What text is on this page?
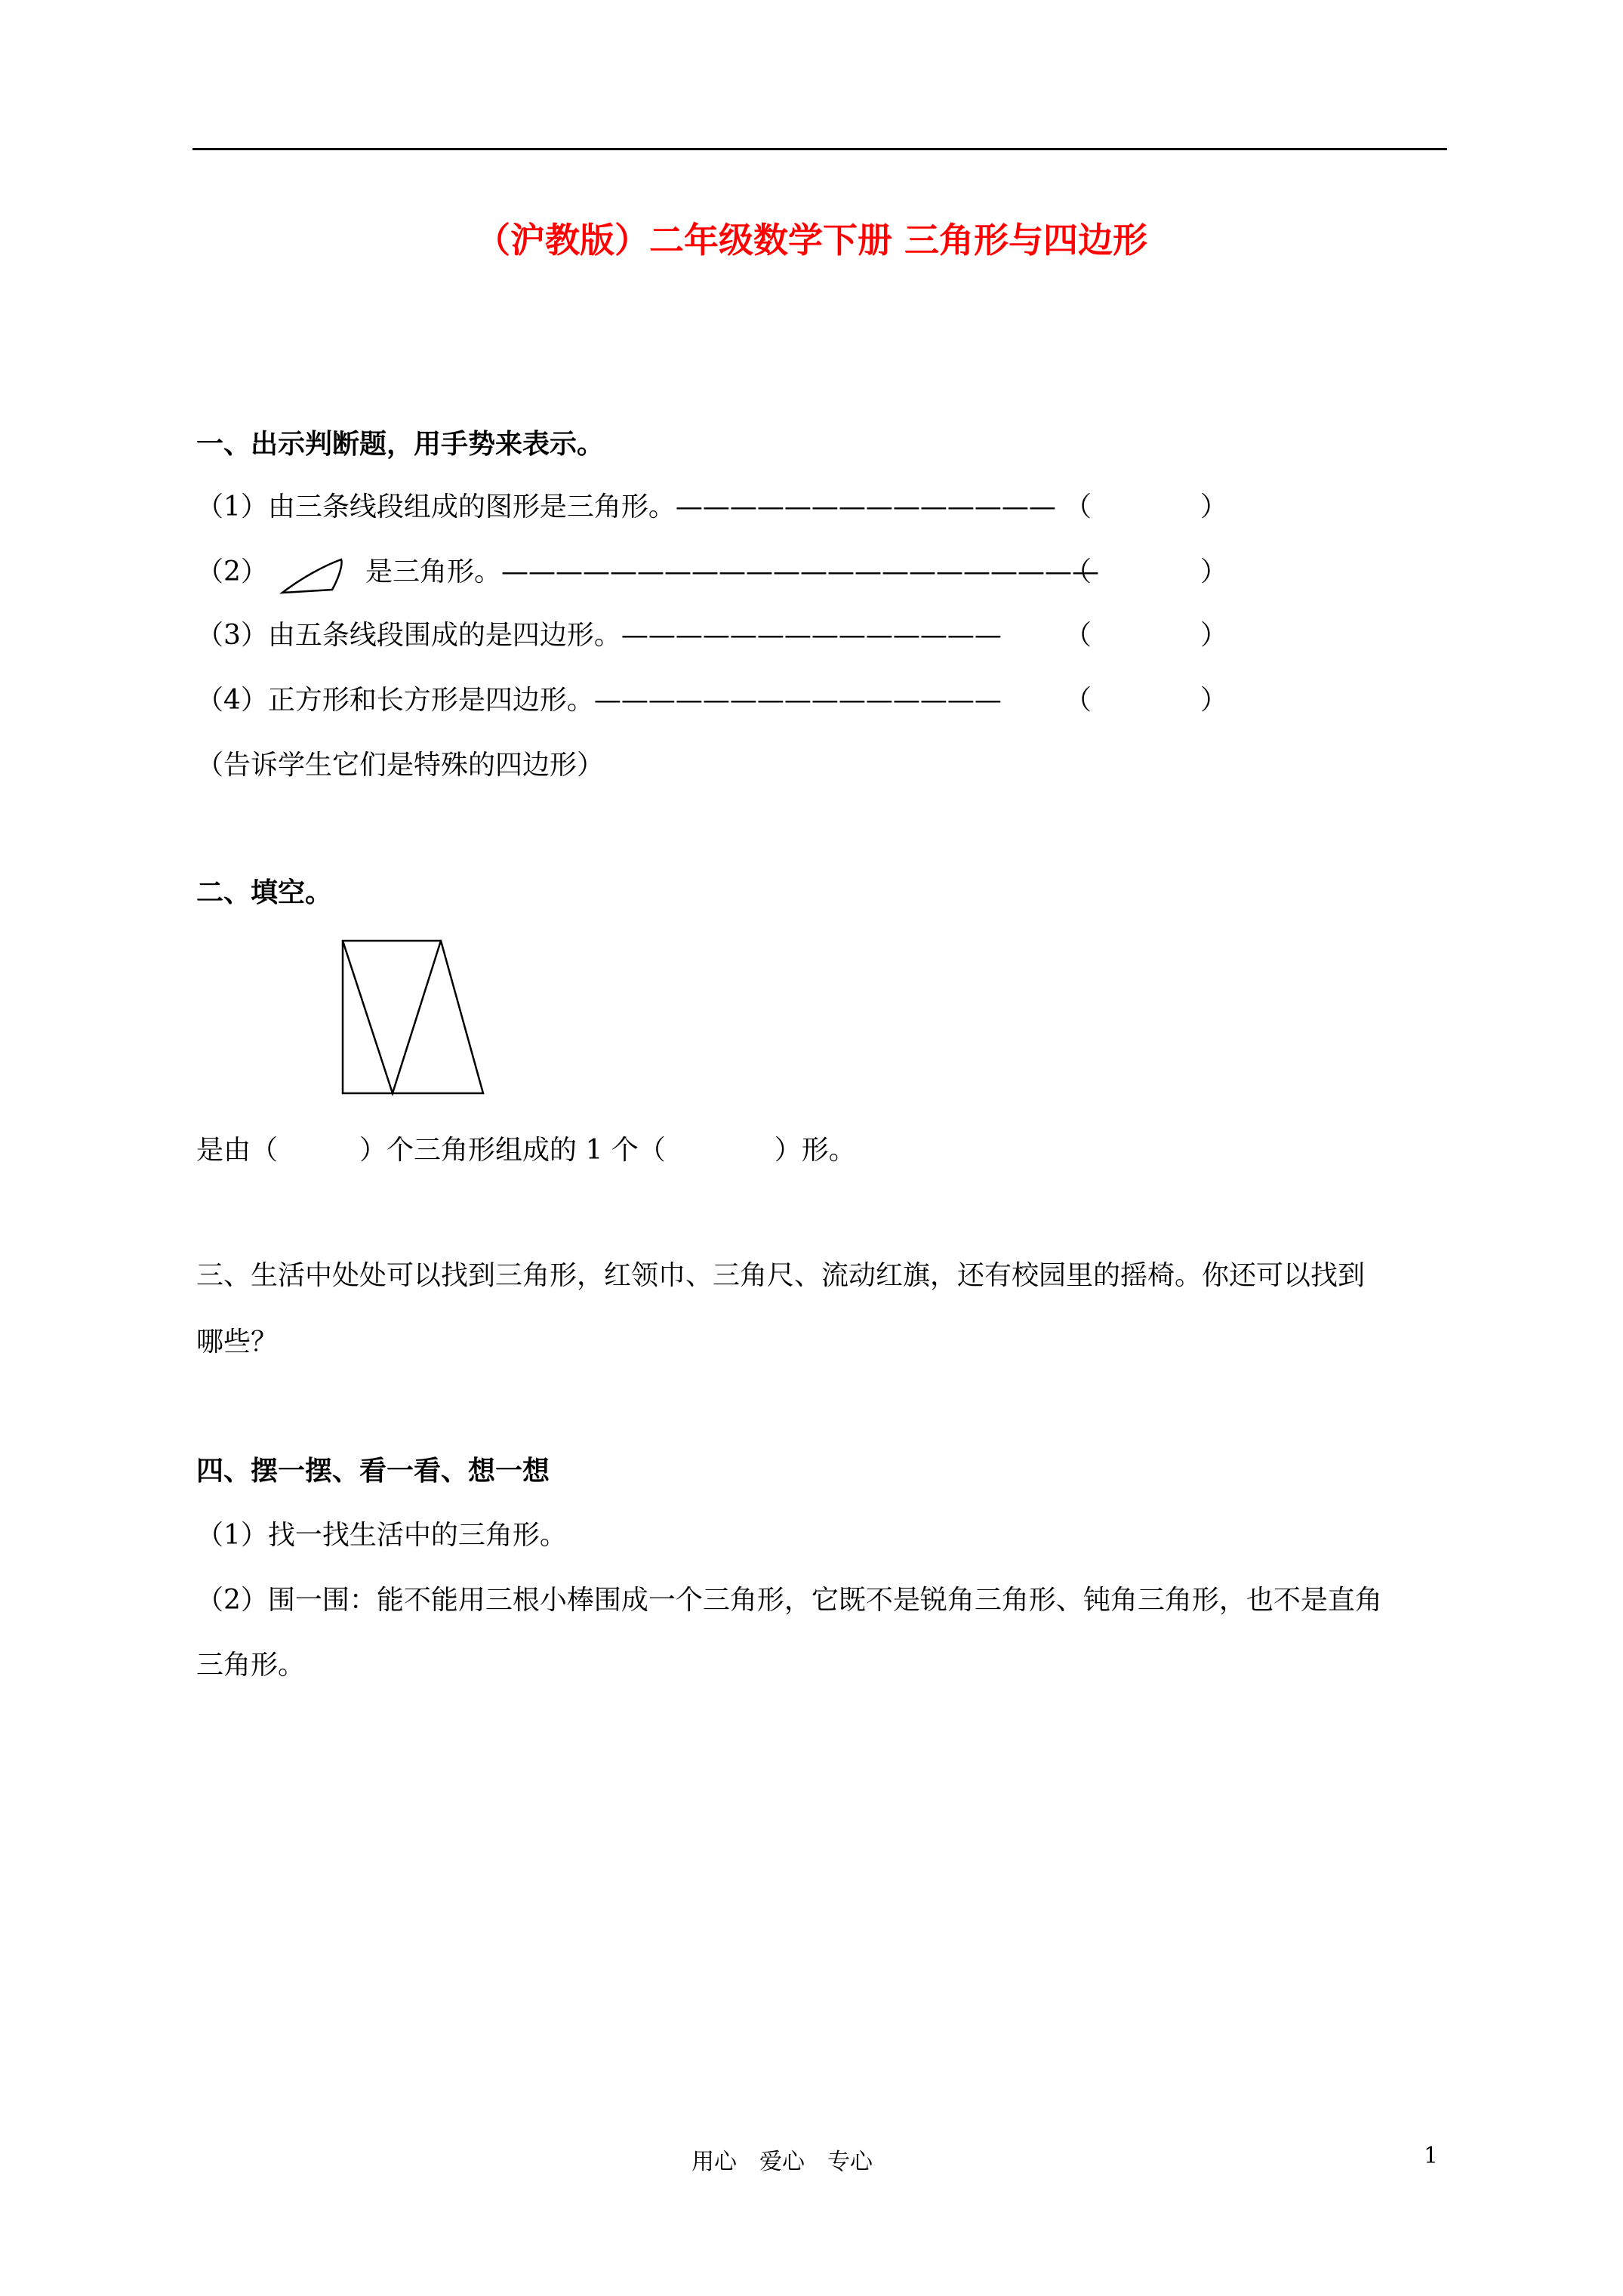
（沪教版）二年级数学下册 三角形与四边形
一、出示判断题，用手势来表示。
（1）由三条线段组成的图形是三角形。—————————————— （　　　　）
（2）	是三角形。——————————————————————
（　　　　）
（3）由五条线段围成的是四边形。—————————————— （　　　　）
（4）正方形和长方形是四边形。——————————————— （　　　　）
（告诉学生它们是特殊的四边形）
二、填空。
是由（　　　）个三角形组成的 1 个（　　　　）形。
三、生活中处处可以找到三角形，红领巾、三角尺、流动红旗，还有校园里的摇椅。你还可以找到
哪些？
四、摆一摆、看一看、想一想
（1）找一找生活中的三角形。
（2）围一围：能不能用三根小棒围成一个三角形，它既不是锐角三角形、钝角三角形，也不是直角
三角形。
用心　爱心　专心	1
